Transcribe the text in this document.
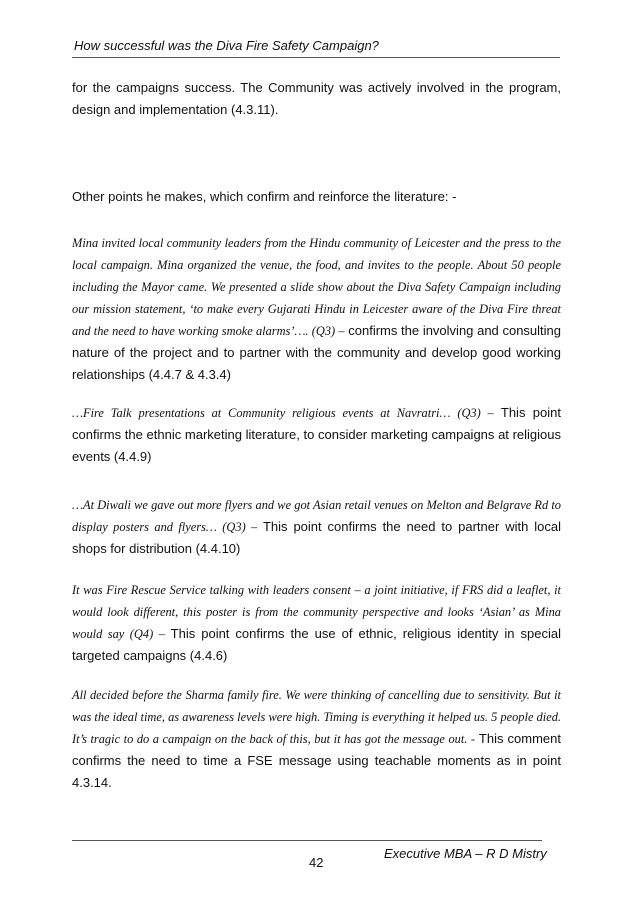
How successful was the Diva Fire Safety Campaign?
for the campaigns success. The Community was actively involved in the program, design and implementation (4.3.11).
Other points he makes, which confirm and reinforce the literature: -
Mina invited local community leaders from the Hindu community of Leicester and the press to the local campaign. Mina organized the venue, the food, and invites to the people. About 50 people including the Mayor came. We presented a slide show about the Diva Safety Campaign including our mission statement, ‘to make every Gujarati Hindu in Leicester aware of the Diva Fire threat and the need to have working smoke alarms’…. (Q3) – confirms the involving and consulting nature of the project and to partner with the community and develop good working relationships (4.4.7 & 4.3.4)
…Fire Talk presentations at Community religious events at Navratri… (Q3) – This point confirms the ethnic marketing literature, to consider marketing campaigns at religious events (4.4.9)
…At Diwali we gave out more flyers and we got Asian retail venues on Melton and Belgrave Rd to display posters and flyers… (Q3) – This point confirms the need to partner with local shops for distribution (4.4.10)
It was Fire Rescue Service talking with leaders consent – a joint initiative, if FRS did a leaflet, it would look different, this poster is from the community perspective and looks ‘Asian’ as Mina would say (Q4) – This point confirms the use of ethnic, religious identity in special targeted campaigns (4.4.6)
All decided before the Sharma family fire. We were thinking of cancelling due to sensitivity. But it was the ideal time, as awareness levels were high. Timing is everything it helped us. 5 people died. It’s tragic to do a campaign on the back of this, but it has got the message out. - This comment confirms the need to time a FSE message using teachable moments as in point 4.3.14.
42
Executive MBA – R D Mistry
